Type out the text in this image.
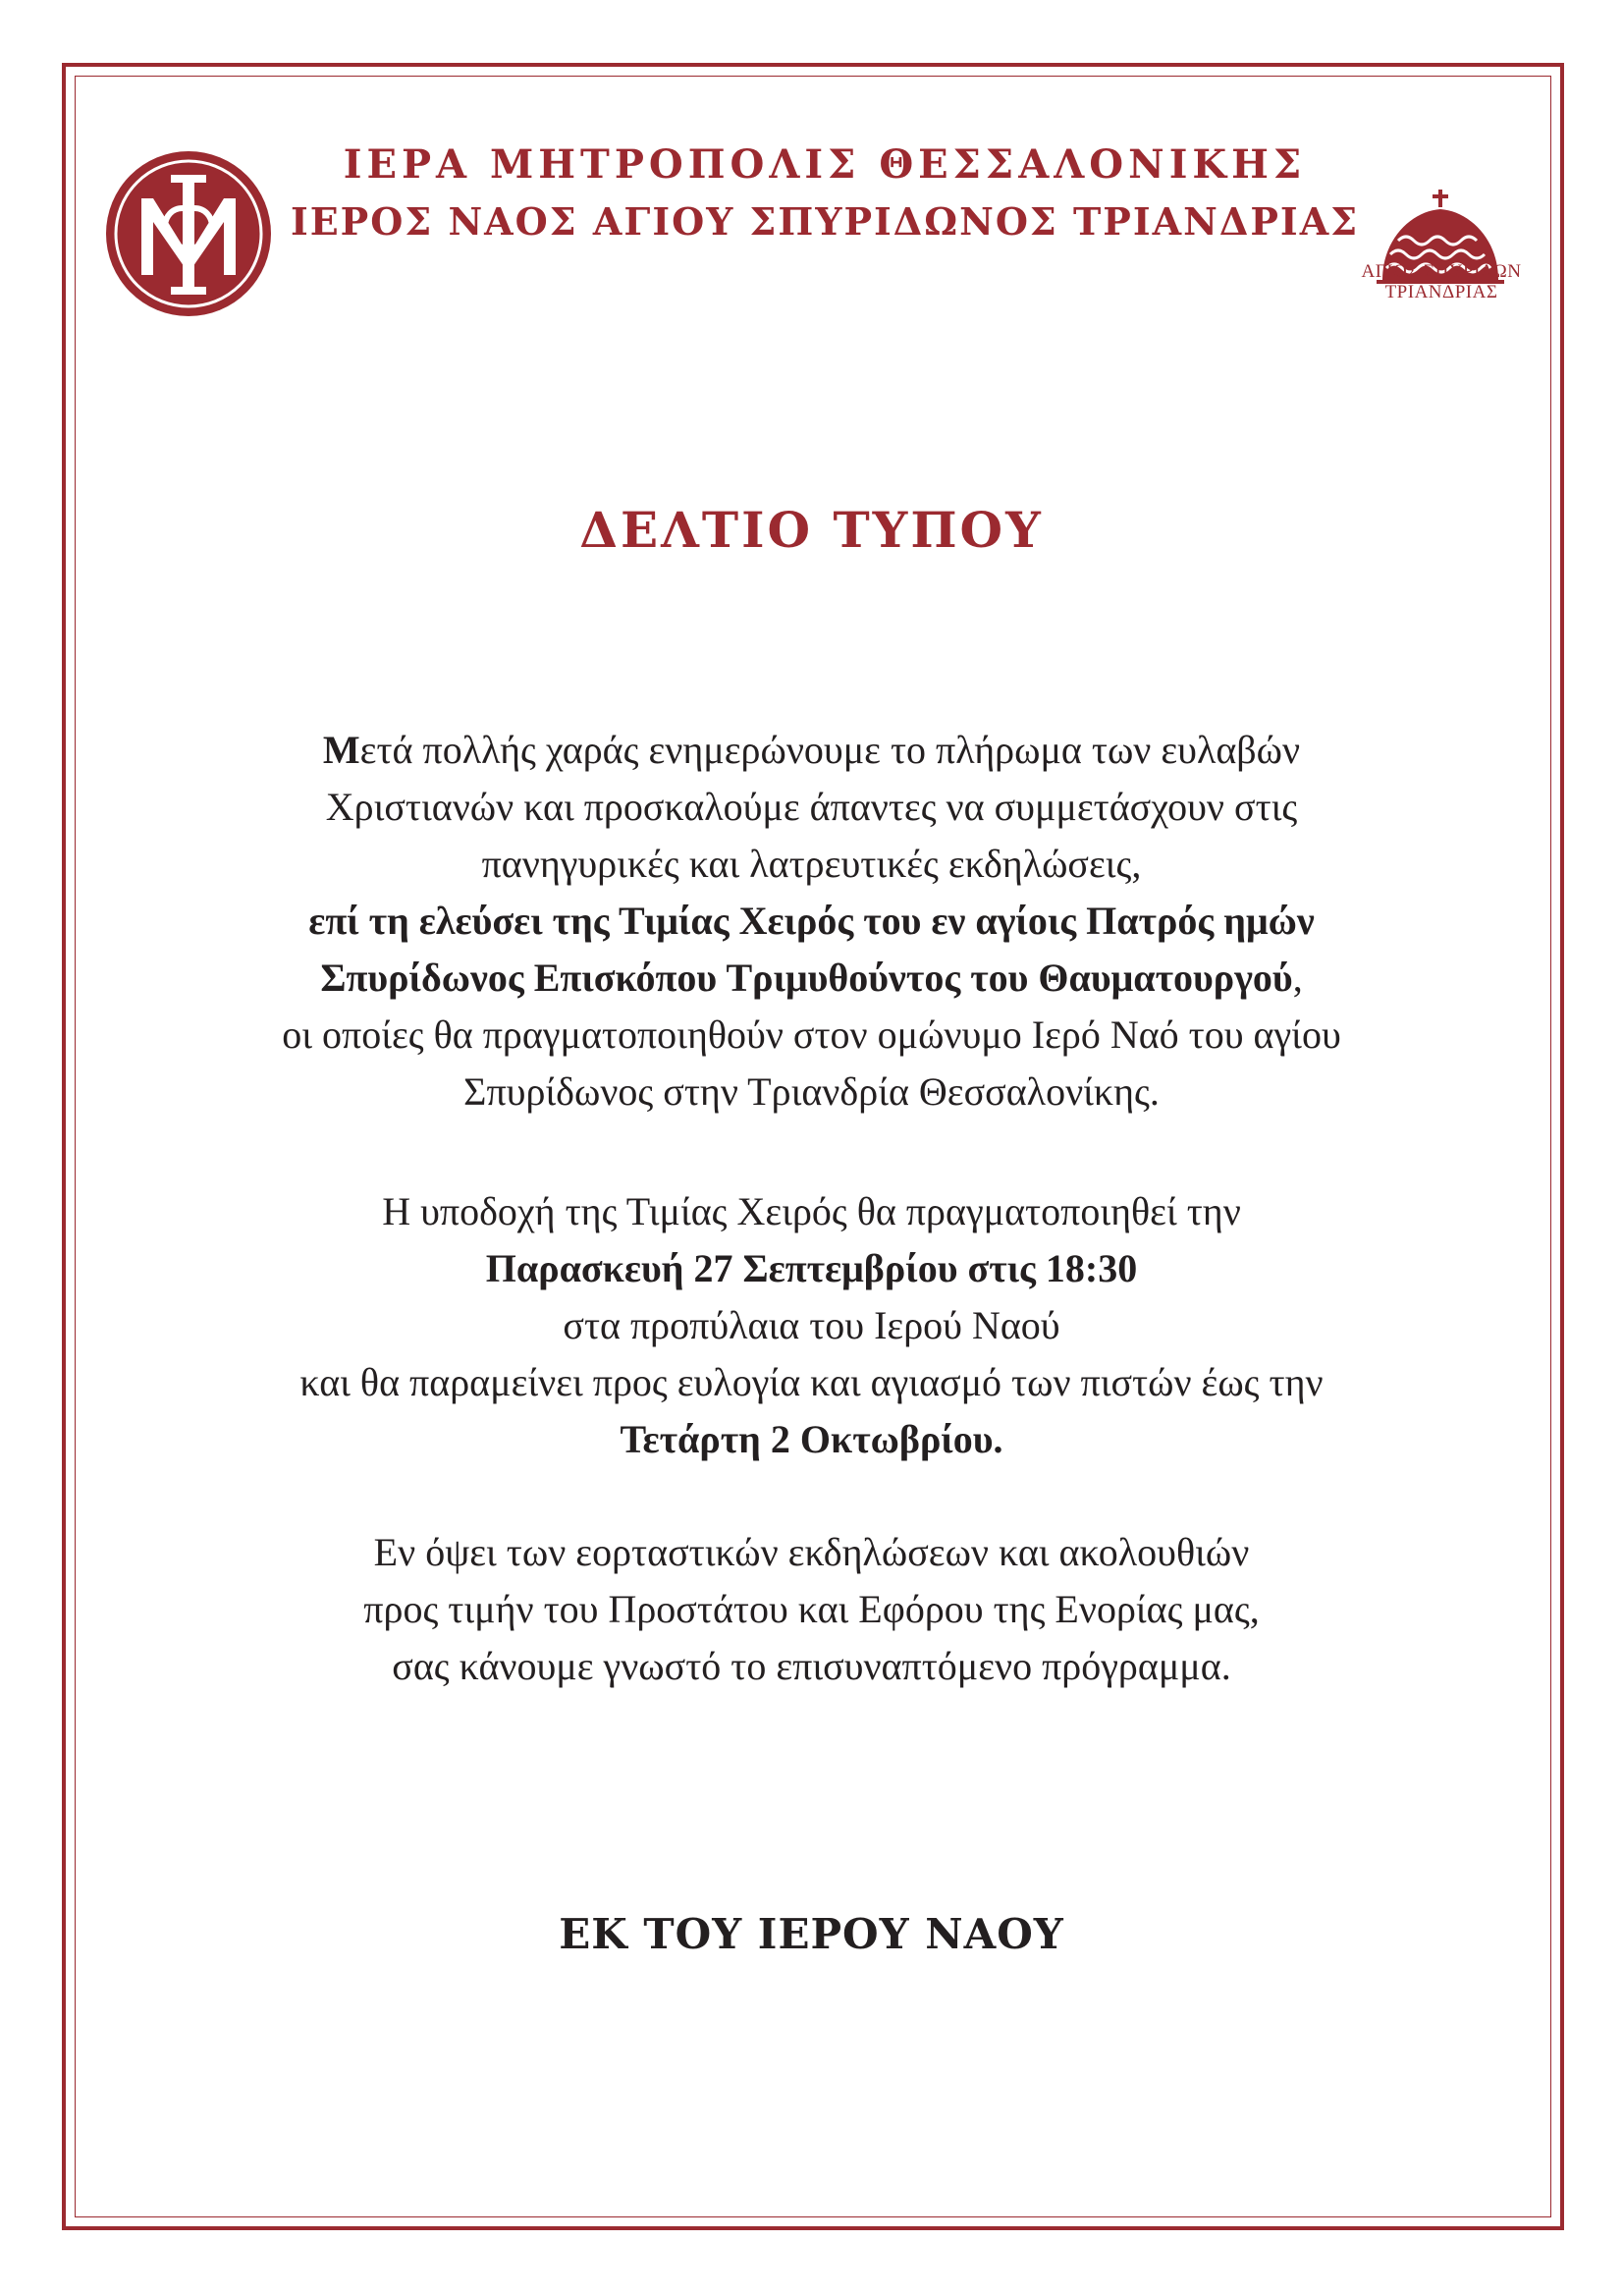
ΑΓΙΟΣ ΣΠΥΡΙΔΩΝ
ΤΡΙΑΝΔΡΙΑΣ
ΙΕΡΑ ΜΗΤΡΟΠΟΛΙΣ ΘΕΣΣΑΛΟΝΙΚΗΣ
ΙΕΡΟΣ ΝΑΟΣ ΑΓΙΟΥ ΣΠΥΡΙΔΩΝΟΣ ΤΡΙΑΝΔΡΙΑΣ
ΔΕΛΤΙΟ ΤΥΠΟΥ
Μετά πολλής χαράς ενημερώνουμε το πλήρωμα των ευλαβών
Χριστιανών και προσκαλούμε άπαντες να συμμετάσχουν στις
πανηγυρικές και λατρευτικές εκδηλώσεις,
επί τη ελεύσει της Τιμίας Χειρός του εν αγίοις Πατρός ημών
Σπυρίδωνος Επισκόπου Τριμυθούντος του Θαυματουργού,
οι οποίες θα πραγματοποιηθούν στον ομώνυμο Ιερό Ναό του αγίου
Σπυρίδωνος στην Τριανδρία Θεσσαλονίκης.
Η υποδοχή της Τιμίας Χειρός θα πραγματοποιηθεί την
Παρασκευή 27 Σεπτεμβρίου στις 18:30
στα προπύλαια του Ιερού Ναού
και θα παραμείνει προς ευλογία και αγιασμό των πιστών έως την
Τετάρτη 2 Οκτωβρίου.
Εν όψει των εορταστικών εκδηλώσεων και ακολουθιών
προς τιμήν του Προστάτου και Εφόρου της Ενορίας μας,
σας κάνουμε γνωστό το επισυναπτόμενο πρόγραμμα.
ΕΚ ΤΟΥ ΙΕΡΟΥ ΝΑΟΥ
